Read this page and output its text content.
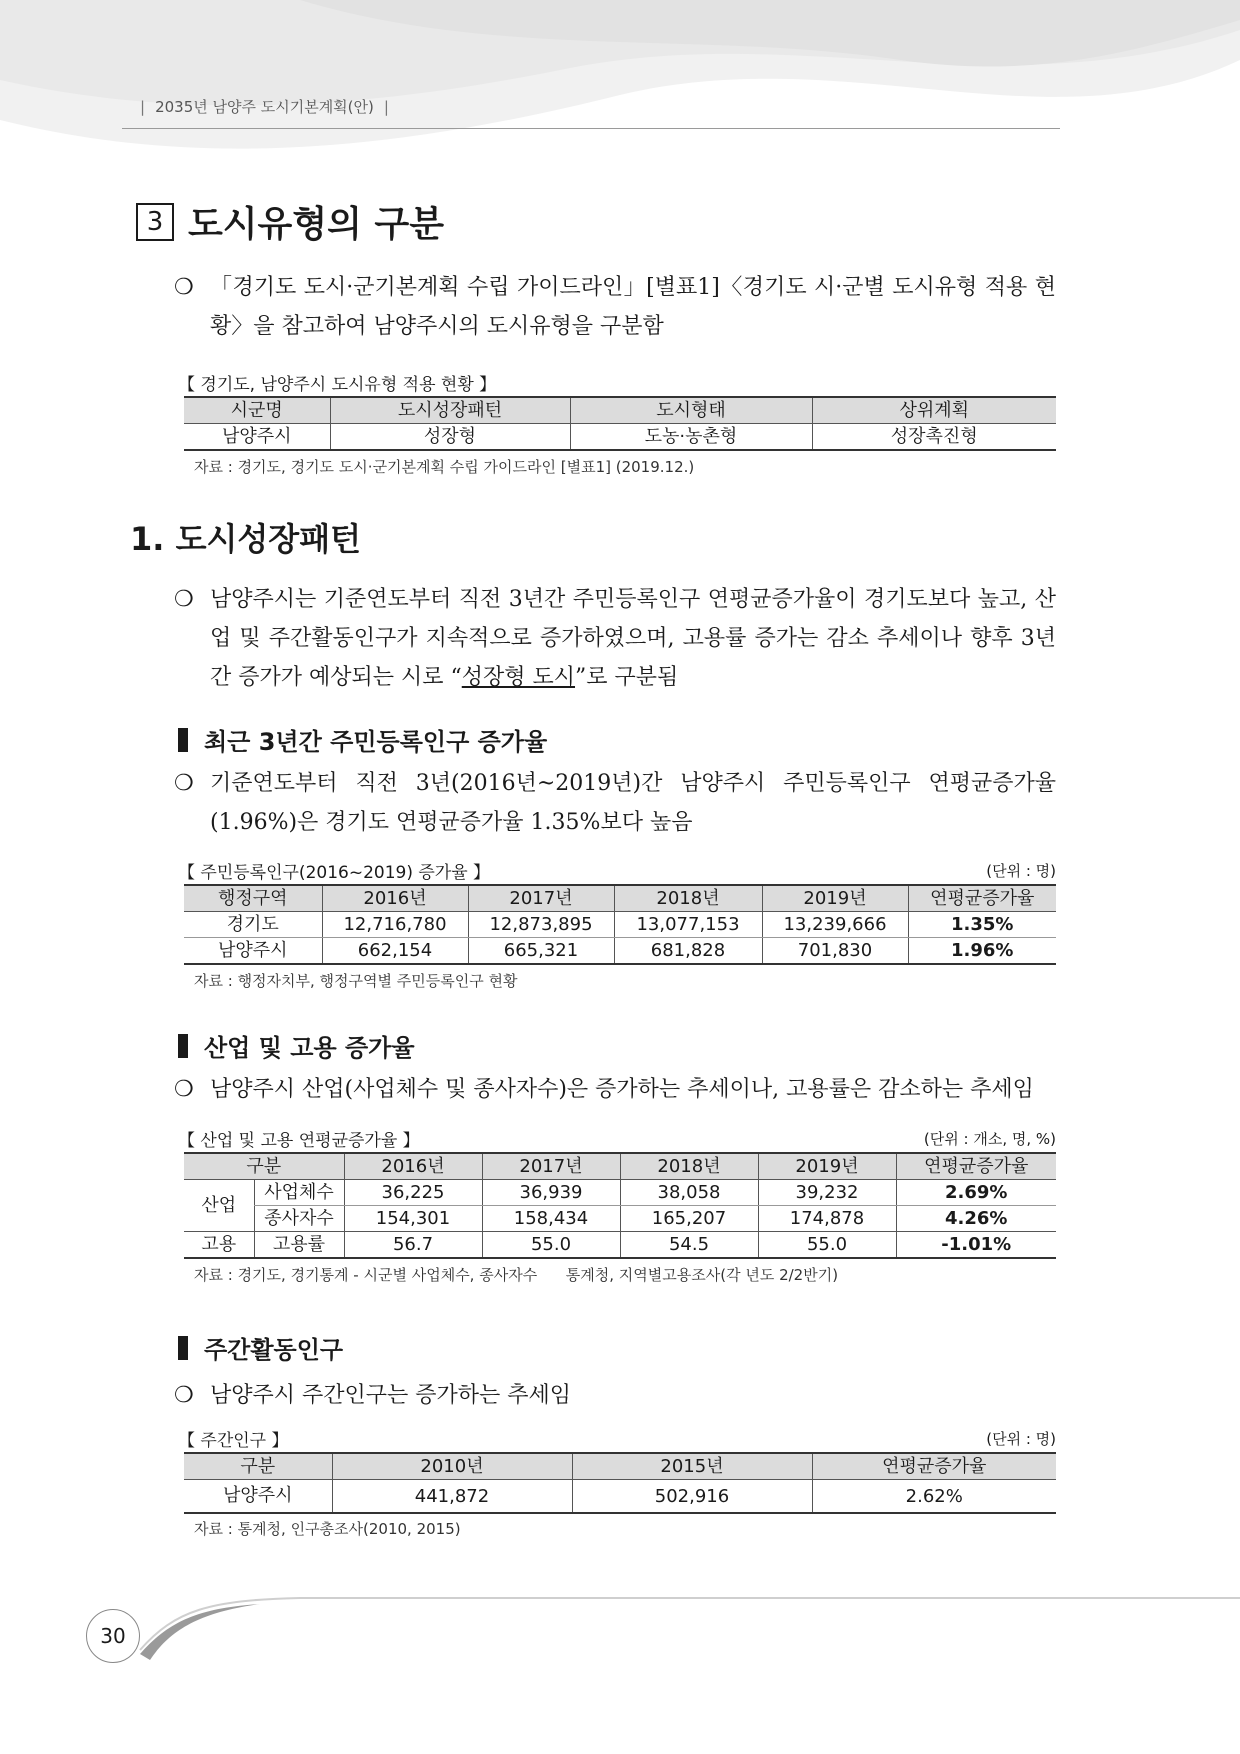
| 2035년 남양주 도시기본계획(안) |
3 도시유형의 구분
❍ 「경기도 도시·군기본계획 수립 가이드라인」[별표1]〈경기도 시·군별 도시유형 적용 현황〉을 참고하여 남양주시의 도시유형을 구분함
【 경기도, 남양주시 도시유형 적용 현황 】
시군명	도시성장패턴	도시형태	상위계획
남양주시	성장형	도농·농촌형	성장촉진형
자료 : 경기도, 경기도 도시·군기본계획 수립 가이드라인 [별표1] (2019.12.)
1. 도시성장패턴
❍ 남양주시는 기준연도부터 직전 3년간 주민등록인구 연평균증가율이 경기도보다 높고, 산업 및 주간활동인구가 지속적으로 증가하였으며, 고용률 증가는 감소 추세이나 향후 3년간 증가가 예상되는 시로 “성장형 도시”로 구분됨
최근 3년간 주민등록인구 증가율
❍ 기준연도부터 직전 3년(2016년~2019년)간 남양주시 주민등록인구 연평균증가율(1.96%)은 경기도 연평균증가율 1.35%보다 높음
【 주민등록인구(2016~2019) 증가율 】	(단위 : 명)
행정구역	2016년	2017년	2018년	2019년	연평균증가율
경기도	12,716,780	12,873,895	13,077,153	13,239,666	1.35%
남양주시	662,154	665,321	681,828	701,830	1.96%
자료 : 행정자치부, 행정구역별 주민등록인구 현황
산업 및 고용 증가율
❍ 남양주시 산업(사업체수 및 종사자수)은 증가하는 추세이나, 고용률은 감소하는 추세임
【 산업 및 고용 연평균증가율 】	(단위 : 개소, 명, %)
구분		2016년	2017년	2018년	2019년	연평균증가율
산업	사업체수	36,225	36,939	38,058	39,232	2.69%
	종사자수	154,301	158,434	165,207	174,878	4.26%
고용	고용률	56.7	55.0	54.5	55.0	-1.01%
자료 : 경기도, 경기통계 - 시군별 사업체수, 종사자수      통계청, 지역별고용조사(각 년도 2/2반기)
주간활동인구
❍ 남양주시 주간인구는 증가하는 추세임
【 주간인구 】	(단위 : 명)
구분	2010년	2015년	연평균증가율
남양주시	441,872	502,916	2.62%
자료 : 통계청, 인구총조사(2010, 2015)
30
